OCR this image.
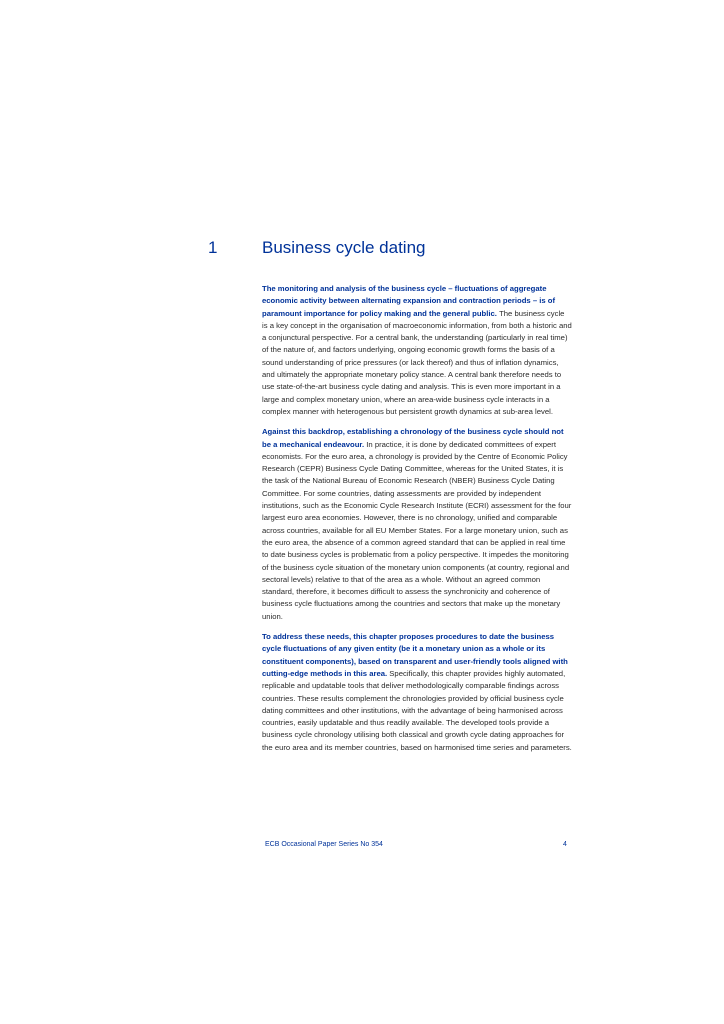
1	Business cycle dating

The monitoring and analysis of the business cycle – fluctuations of aggregate economic activity between alternating expansion and contraction periods – is of paramount importance for policy making and the general public. The business cycle is a key concept in the organisation of macroeconomic information, from both a historic and a conjunctural perspective. For a central bank, the understanding (particularly in real time) of the nature of, and factors underlying, ongoing economic growth forms the basis of a sound understanding of price pressures (or lack thereof) and thus of inflation dynamics, and ultimately the appropriate monetary policy stance. A central bank therefore needs to use state-of-the-art business cycle dating and analysis. This is even more important in a large and complex monetary union, where an area-wide business cycle interacts in a complex manner with heterogenous but persistent growth dynamics at sub-area level.

Against this backdrop, establishing a chronology of the business cycle should not be a mechanical endeavour. In practice, it is done by dedicated committees of expert economists. For the euro area, a chronology is provided by the Centre of Economic Policy Research (CEPR) Business Cycle Dating Committee, whereas for the United States, it is the task of the National Bureau of Economic Research (NBER) Business Cycle Dating Committee. For some countries, dating assessments are provided by independent institutions, such as the Economic Cycle Research Institute (ECRI) assessment for the four largest euro area economies. However, there is no chronology, unified and comparable across countries, available for all EU Member States. For a large monetary union, such as the euro area, the absence of a common agreed standard that can be applied in real time to date business cycles is problematic from a policy perspective. It impedes the monitoring of the business cycle situation of the monetary union components (at country, regional and sectoral levels) relative to that of the area as a whole. Without an agreed common standard, therefore, it becomes difficult to assess the synchronicity and coherence of business cycle fluctuations among the countries and sectors that make up the monetary union.

To address these needs, this chapter proposes procedures to date the business cycle fluctuations of any given entity (be it a monetary union as a whole or its constituent components), based on transparent and user-friendly tools aligned with cutting-edge methods in this area. Specifically, this chapter provides highly automated, replicable and updatable tools that deliver methodologically comparable findings across countries. These results complement the chronologies provided by official business cycle dating committees and other institutions, with the advantage of being harmonised across countries, easily updatable and thus readily available. The developed tools provide a business cycle chronology utilising both classical and growth cycle dating approaches for the euro area and its member countries, based on harmonised time series and parameters.

ECB Occasional Paper Series No 354	4
